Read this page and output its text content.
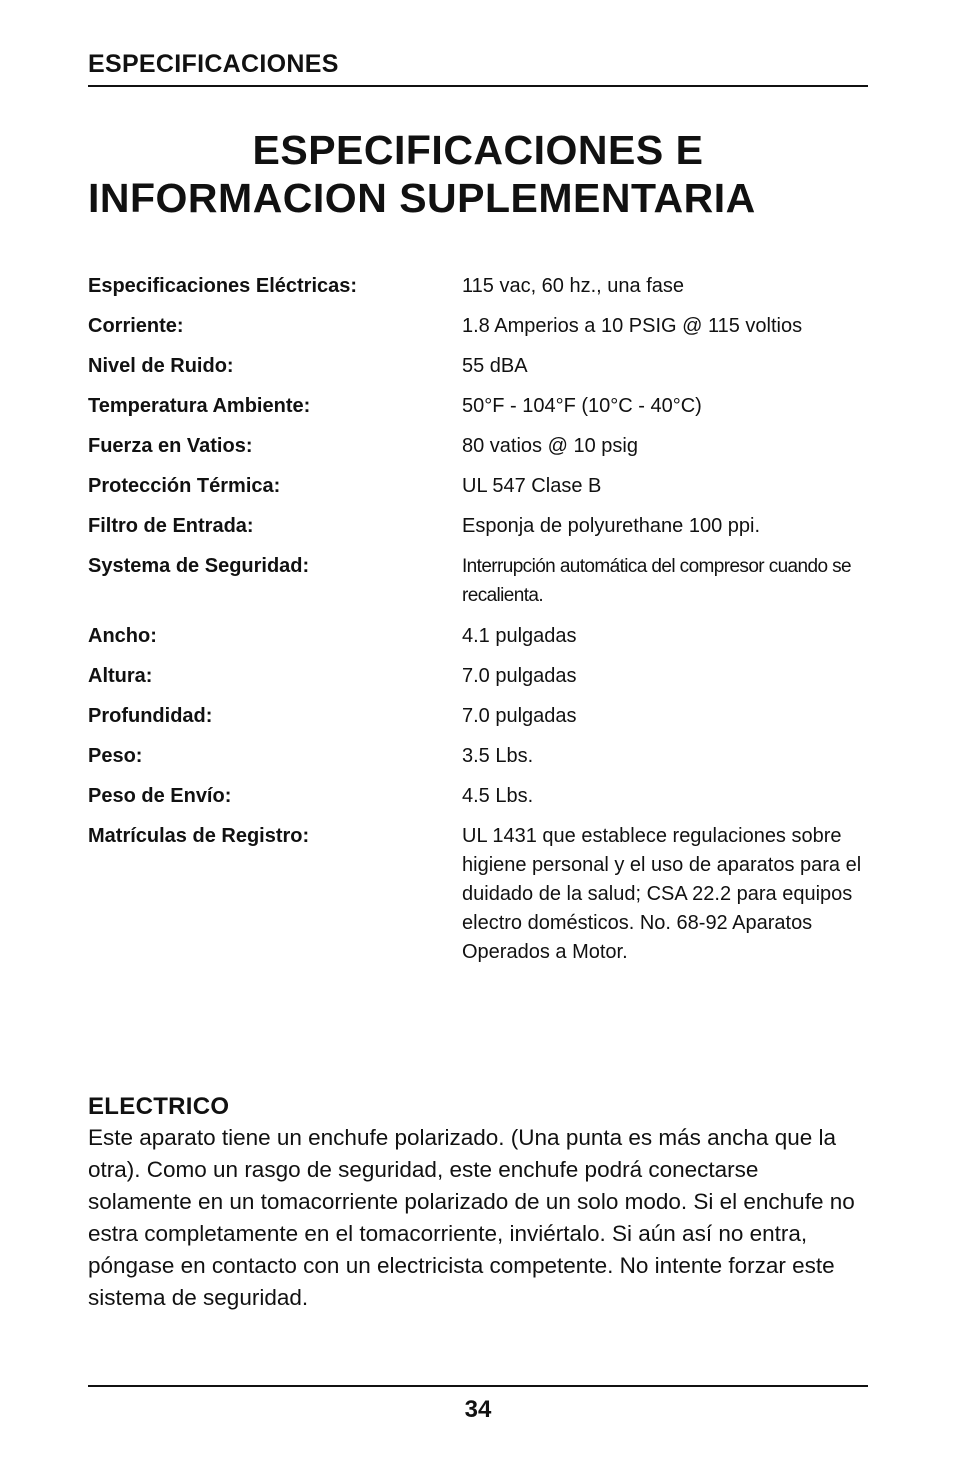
ESPECIFICACIONES
ESPECIFICACIONES E
INFORMACION SUPLEMENTARIA
Especificaciones Eléctricas:	115 vac, 60 hz., una fase
Corriente:	1.8 Amperios a 10 PSIG @ 115 voltios
Nivel de Ruido:	55 dBA
Temperatura Ambiente:	50°F - 104°F (10°C - 40°C)
Fuerza en Vatios:	80 vatios @ 10 psig
Protección Térmica:	UL 547 Clase B
Filtro de Entrada:	Esponja de polyurethane 100 ppi.
Systema de Seguridad:	Interrupción automática del compresor cuando se recalienta.
Ancho:	4.1 pulgadas
Altura:	7.0 pulgadas
Profundidad:	7.0 pulgadas
Peso:	3.5 Lbs.
Peso de Envío:	4.5 Lbs.
Matrículas de Registro:	UL 1431 que establece regulaciones sobre higiene personal y el uso de aparatos para el duidado de la salud; CSA 22.2 para equipos electro domésticos. No. 68-92 Aparatos Operados a Motor.
ELECTRICO

Este aparato tiene un enchufe polarizado. (Una punta es más ancha que la otra). Como un rasgo de seguridad, este enchufe podrá conectarse solamente en un tomacorriente polarizado de un solo modo. Si el enchufe no estra completamente en el tomacorriente, inviértalo. Si aún así no entra, póngase en contacto con un electricista competente. No intente forzar este sistema de seguridad.

34
